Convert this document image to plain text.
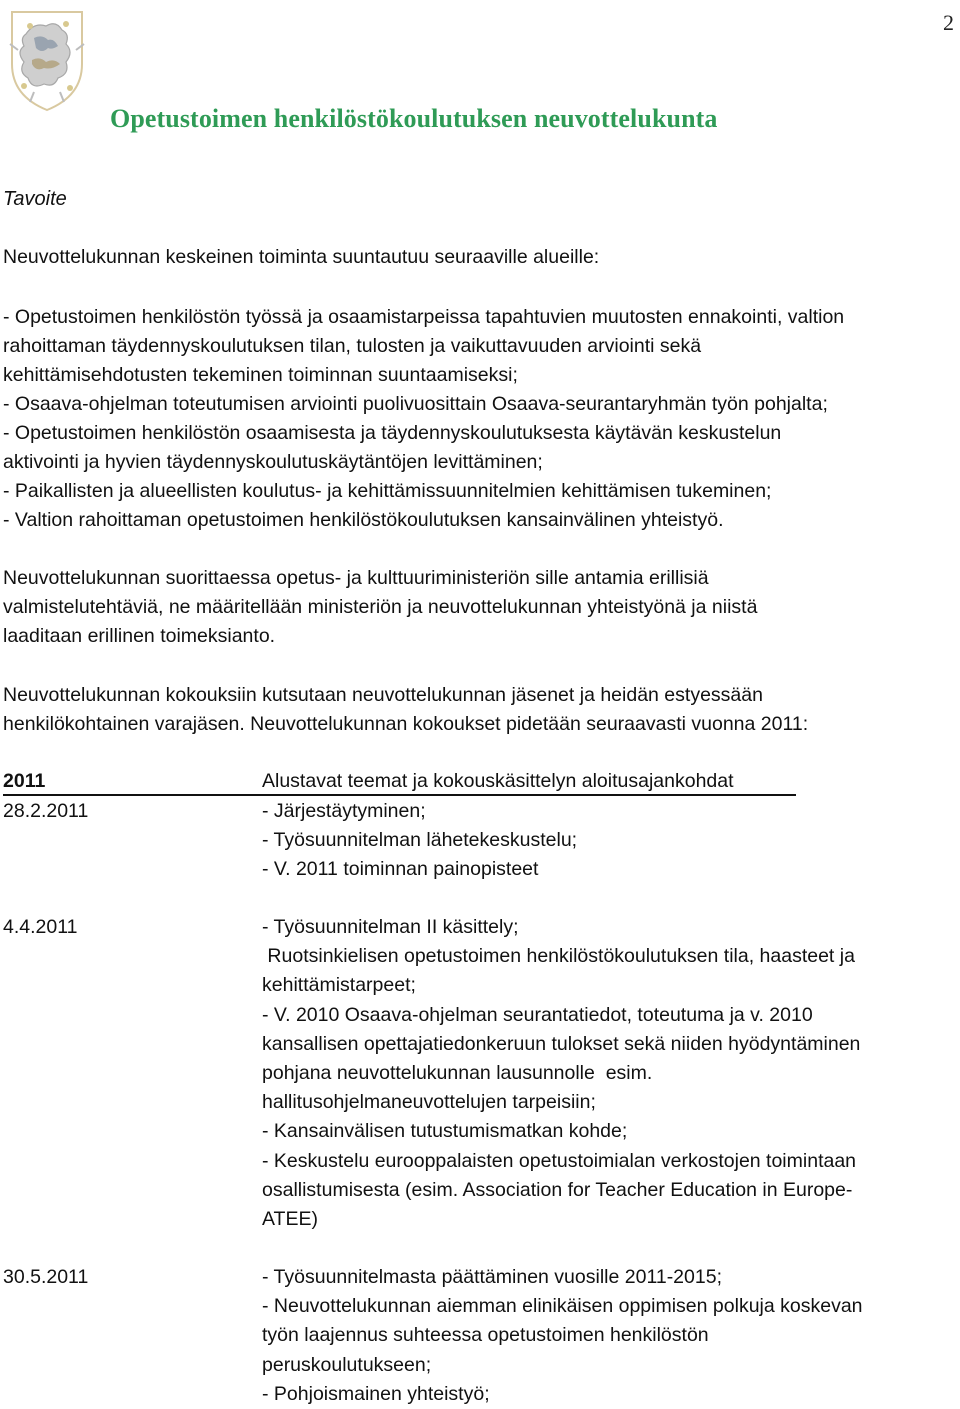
2
Opetustoimen henkilöstökoulutuksen neuvottelukunta
Tavoite
Neuvottelukunnan keskeinen toiminta suuntautuu seuraaville alueille:
- Opetustoimen henkilöstön työssä ja osaamistarpeissa tapahtuvien muutosten ennakointi, valtion
rahoittaman täydennyskoulutuksen tilan, tulosten ja vaikuttavuuden arviointi sekä
kehittämisehdotusten tekeminen toiminnan suuntaamiseksi;
- Osaava-ohjelman toteutumisen arviointi puolivuosittain Osaava-seurantaryhmän työn pohjalta;
- Opetustoimen henkilöstön osaamisesta ja täydennyskoulutuksesta käytävän keskustelun
aktivointi ja hyvien täydennyskoulutuskäytäntöjen levittäminen;
- Paikallisten ja alueellisten koulutus- ja kehittämissuunnitelmien kehittämisen tukeminen;
- Valtion rahoittaman opetustoimen henkilöstökoulutuksen kansainvälinen yhteistyö.
Neuvottelukunnan suorittaessa opetus- ja kulttuuriministeriön sille antamia erillisiä
valmistelutehtäviä, ne määritellään ministeriön ja neuvottelukunnan yhteistyönä ja niistä
laaditaan erillinen toimeksianto.
Neuvottelukunnan kokouksiin kutsutaan neuvottelukunnan jäsenet ja heidän estyessään
henkilökohtainen varajäsen. Neuvottelukunnan kokoukset pidetään seuraavasti vuonna 2011:
2011	Alustavat teemat ja kokouskäsittelyn aloitusajankohdat
28.2.2011	- Järjestäytyminen;
- Työsuunnitelman lähetekeskustelu;
- V. 2011 toiminnan painopisteet
4.4.2011	- Työsuunnitelman II käsittely;
Ruotsinkielisen opetustoimen henkilöstökoulutuksen tila, haasteet ja
kehittämistarpeet;
- V. 2010 Osaava-ohjelman seurantatiedot, toteutuma ja v. 2010
kansallisen opettajatiedonkeruun tulokset sekä niiden hyödyntäminen
pohjana neuvottelukunnan lausunnolle  esim.
hallitusohjelmaneuvottelujen tarpeisiin;
- Kansainvälisen tutustumismatkan kohde;
- Keskustelu eurooppalaisten opetustoimialan verkostojen toimintaan
osallistumisesta (esim. Association for Teacher Education in Europe-
ATEE)
30.5.2011	- Työsuunnitelmasta päättäminen vuosille 2011-2015;
- Neuvottelukunnan aiemman elinikäisen oppimisen polkuja koskevan
työn laajennus suhteessa opetustoimen henkilöstön
peruskoulutukseen;
- Pohjoismainen yhteistyö;
